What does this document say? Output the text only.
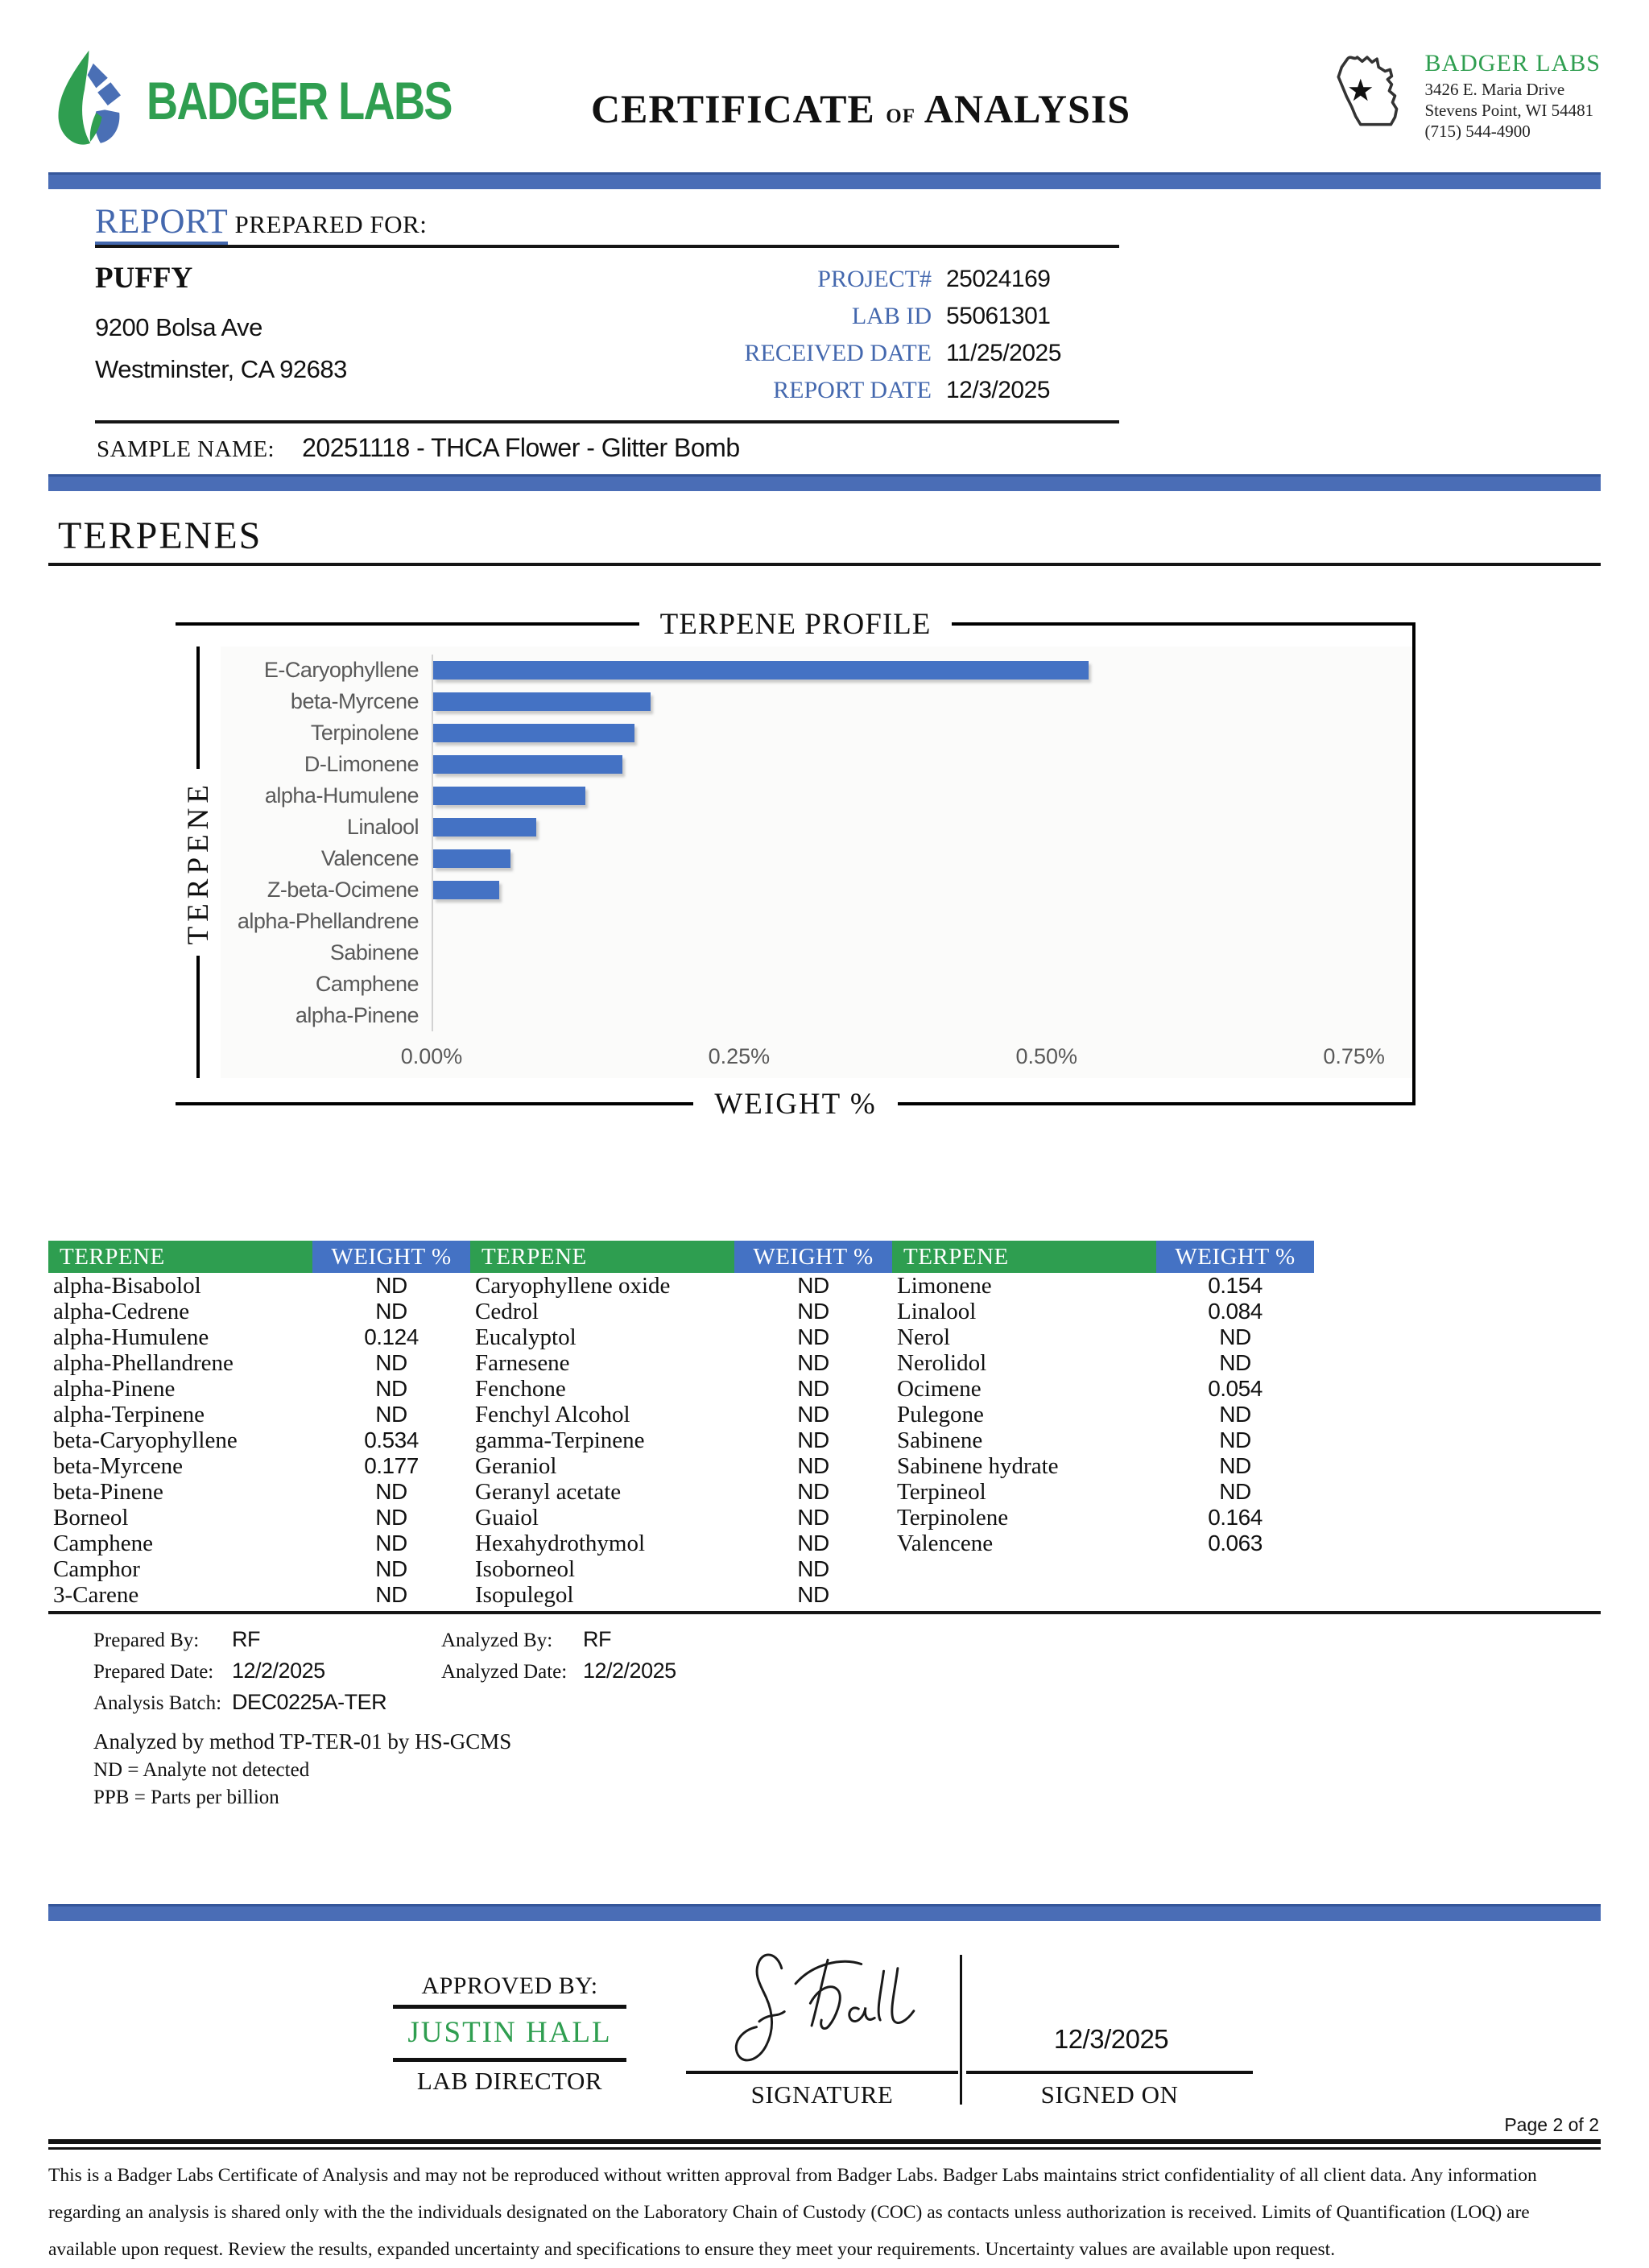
BADGER LABS	CERTIFICATE of ANALYSIS
BADGER LABS
3426 E. Maria Drive
Stevens Point, WI 54481
(715) 544-4900
REPORT PREPARED FOR:
PUFFY
9200 Bolsa Ave
Westminster, CA 92683
PROJECT# 25024169
LAB ID 55061301
RECEIVED DATE 11/25/2025
REPORT DATE 12/3/2025
SAMPLE NAME: 20251118 - THCA Flower - Glitter Bomb
TERPENES
TERPENE PROFILE
TERPENE
E-Caryophyllene
beta-Myrcene
Terpinolene
D-Limonene
alpha-Humulene
Linalool
Valencene
Z-beta-Ocimene
alpha-Phellandrene
Sabinene
Camphene
alpha-Pinene
0.00%	0.25%	0.50%	0.75%
WEIGHT %
TERPENE	WEIGHT %
alpha-Bisabolol	ND
alpha-Cedrene	ND
alpha-Humulene	0.124
alpha-Phellandrene	ND
alpha-Pinene	ND
alpha-Terpinene	ND
beta-Caryophyllene	0.534
beta-Myrcene	0.177
beta-Pinene	ND
Borneol	ND
Camphene	ND
Camphor	ND
3-Carene	ND
TERPENE	WEIGHT %
Caryophyllene oxide	ND
Cedrol	ND
Eucalyptol	ND
Farnesene	ND
Fenchone	ND
Fenchyl Alcohol	ND
gamma-Terpinene	ND
Geraniol	ND
Geranyl acetate	ND
Guaiol	ND
Hexahydrothymol	ND
Isoborneol	ND
Isopulegol	ND
TERPENE	WEIGHT %
Limonene	0.154
Linalool	0.084
Nerol	ND
Nerolidol	ND
Ocimene	0.054
Pulegone	ND
Sabinene	ND
Sabinene hydrate	ND
Terpineol	ND
Terpinolene	0.164
Valencene	0.063
Prepared By:	RF	Analyzed By:	RF
Prepared Date: 12/2/2025	Analyzed Date: 12/2/2025
Analysis Batch: DEC0225A-TER
Analyzed by method TP-TER-01 by HS-GCMS
ND = Analyte not detected
PPB = Parts per billion
APPROVED BY:
JUSTIN HALL
LAB DIRECTOR
12/3/2025
SIGNATURE	SIGNED ON
Page 2 of 2

This is a Badger Labs Certificate of Analysis and may not be reproduced without written approval from Badger Labs. Badger Labs maintains strict confidentiality of all client data. Any information regarding an analysis is shared only with the the individuals designated on the Laboratory Chain of Custody (COC) as contacts unless authorization is received. Limits of Quantification (LOQ) are available upon request. Review the results, expanded uncertainty and specifications to ensure they meet your requirements. Uncertainty values are available upon request.
